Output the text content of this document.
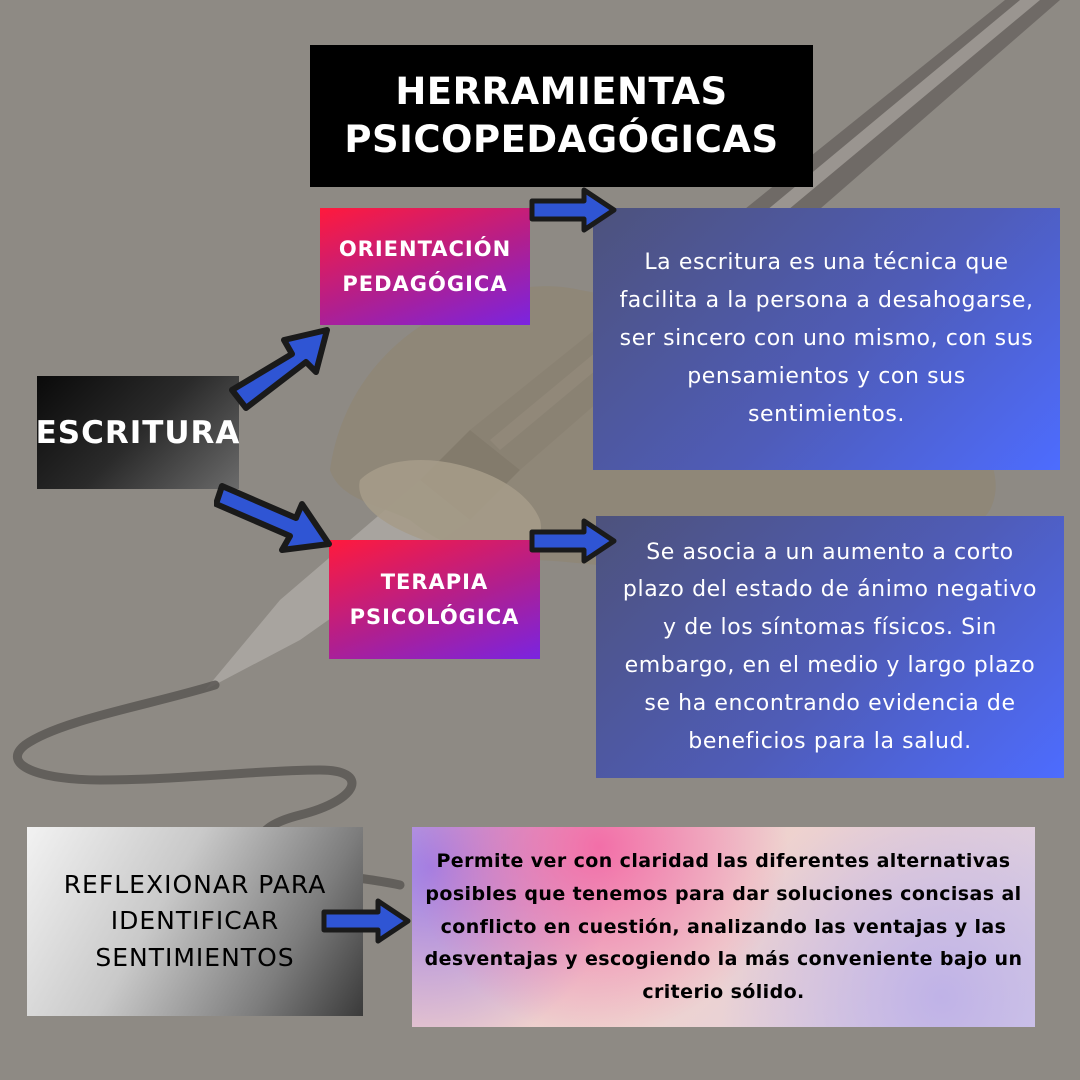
HERRAMIENTAS
PSICOPEDAGÓGICAS
ESCRITURA
ORIENTACIÓN
PEDAGÓGICA
TERAPIA
PSICOLÓGICA
La escritura es una técnica que facilita a la persona a desahogarse, ser sincero con uno mismo, con sus pensamientos y con sus sentimientos.
Se asocia a un aumento a corto plazo del estado de ánimo negativo y de los síntomas físicos. Sin embargo, en el medio y largo plazo se ha encontrando evidencia de beneficios para la salud.
REFLEXIONAR PARA
IDENTIFICAR
SENTIMIENTOS
Permite ver con claridad las diferentes alternativas posibles que tenemos para dar soluciones concisas al conflicto en cuestión, analizando las ventajas y las desventajas y escogiendo la más conveniente bajo un criterio sólido.
